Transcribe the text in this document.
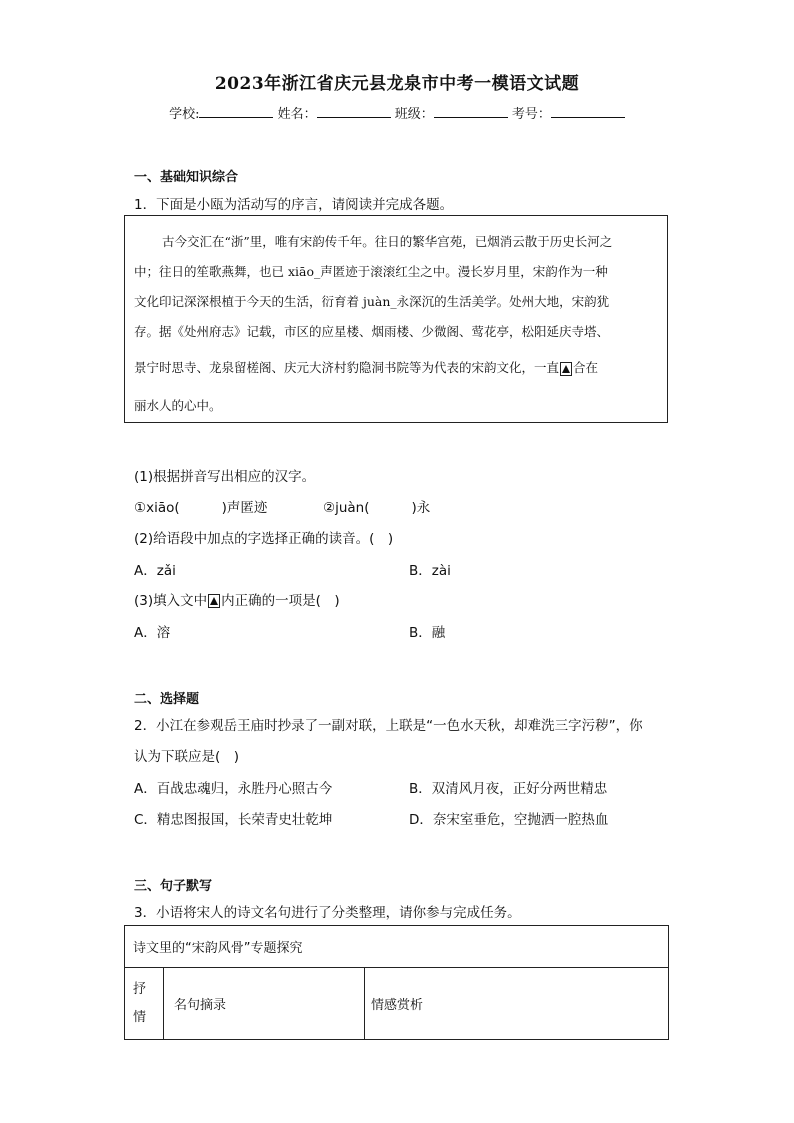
2023年浙江省庆元县龙泉市中考一模语文试题
学校:	姓名：	班级：	考号：
一、基础知识综合
1．下面是小瓯为活动写的序言，请阅读并完成各题。
古今交汇在“浙”里，唯有宋韵传千年。往日的繁华宫苑，已烟消云散于历史长河之
中；往日的笙歌燕舞，也已 xiāo_声匿迹于滚滚红尘之中。漫长岁月里，宋韵作为一种
文化印记深深根植于今天的生活，衍育着 juàn_永深沉的生活美学。处州大地，宋韵犹
存。据《处州府志》记载，市区的应星楼、烟雨楼、少微阁、莺花亭，松阳延庆寺塔、
景宁时思寺、龙泉留槎阁、庆元大济村豹隐洞书院等为代表的宋韵文化，一直 合在
丽水人的心中。
(1)根据拼音写出相应的汉字。
①xiāo(	)声匿迹	②juàn(	)永
(2)给语段中加点的字选择正确的读音。(　)
A．zǎi	B．zài
(3)填入文中 内正确的一项是(　)
A．溶	B．融
二、选择题
2．小江在参观岳王庙时抄录了一副对联，上联是“一色水天秋，却难洗三字污秽”，你
认为下联应是(　)
A．百战忠魂归，永胜丹心照古今	B．双清风月夜，正好分两世精忠
C．精忠图报国，长荣青史壮乾坤	D．奈宋室垂危，空抛洒一腔热血
三、句子默写
3．小语将宋人的诗文名句进行了分类整理，请你参与完成任务。
诗文里的“宋韵风骨”专题探究

抒
情
	名句摘录	情感赏析
